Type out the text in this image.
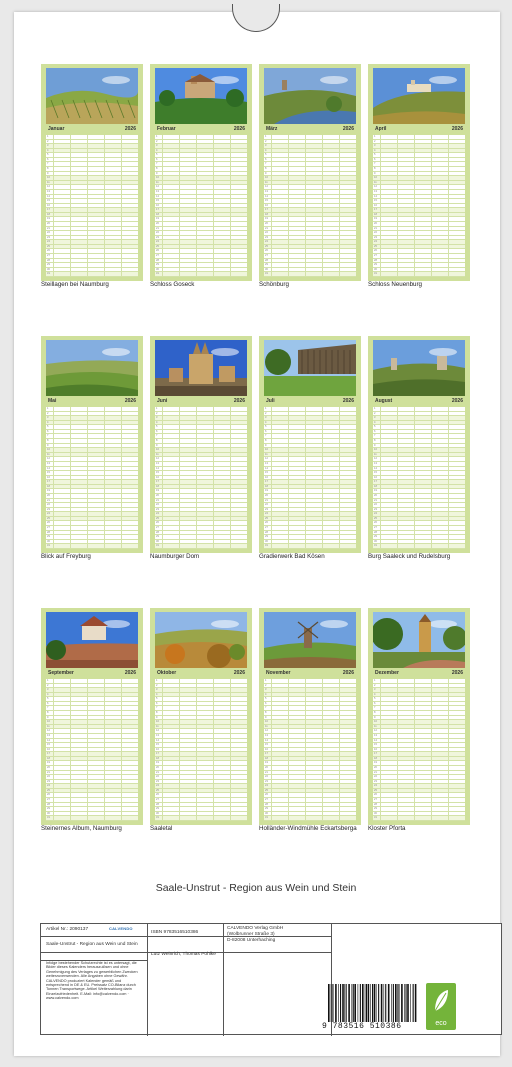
Januar	2026
1
2
3
4
5
6
7
8
9
10
11
12
13
14
15
16
17
18
19
20
21
22
23
24
25
26
27
28
29
30
31
Steillagen bei Naumburg
Februar	2026
1
2
3
4
5
6
7
8
9
10
11
12
13
14
15
16
17
18
19
20
21
22
23
24
25
26
27
28
29
30
31
Schloss Goseck
März	2026
1
2
3
4
5
6
7
8
9
10
11
12
13
14
15
16
17
18
19
20
21
22
23
24
25
26
27
28
29
30
31
Schönburg
April	2026
1
2
3
4
5
6
7
8
9
10
11
12
13
14
15
16
17
18
19
20
21
22
23
24
25
26
27
28
29
30
31
Schloss Neuenburg
Mai	2026
1
2
3
4
5
6
7
8
9
10
11
12
13
14
15
16
17
18
19
20
21
22
23
24
25
26
27
28
29
30
31
Blick auf Freyburg
Juni	2026
1
2
3
4
5
6
7
8
9
10
11
12
13
14
15
16
17
18
19
20
21
22
23
24
25
26
27
28
29
30
31
Naumburger Dom
Juli	2026
1
2
3
4
5
6
7
8
9
10
11
12
13
14
15
16
17
18
19
20
21
22
23
24
25
26
27
28
29
30
31
Gradierwerk Bad Kösen
August	2026
1
2
3
4
5
6
7
8
9
10
11
12
13
14
15
16
17
18
19
20
21
22
23
24
25
26
27
28
29
30
31
Burg Saaleck und Rudelsburg
September	2026
1
2
3
4
5
6
7
8
9
10
11
12
13
14
15
16
17
18
19
20
21
22
23
24
25
26
27
28
29
30
31
Steinernes Album, Naumburg
Oktober	2026
1
2
3
4
5
6
7
8
9
10
11
12
13
14
15
16
17
18
19
20
21
22
23
24
25
26
27
28
29
30
31
Saaletal
November	2026
1
2
3
4
5
6
7
8
9
10
11
12
13
14
15
16
17
18
19
20
21
22
23
24
25
26
27
28
29
30
31
Holländer-Windmühle Eckartsberga
Dezember	2026
1
2
3
4
5
6
7
8
9
10
11
12
13
14
15
16
17
18
19
20
21
22
23
24
25
26
27
28
29
30
31
Kloster Pforta
Saale-Unstrut - Region aus Wein und Stein
Artikel Nr.: 2090137
Saale-Unstrut - Region aus Wein und Stein
Infolge bestehender Schutzrechte ist es untersagt, die Bilder dieses Kalenders herauszulösen und ohne Genehmigung des Verlages zu gewerblichen Zwecken weiterzuverwenden. Alle Angaben ohne Gewähr. CALVENDO produziert Kalender gemäß und entsprechend in DE & EU. Preissatz CO-Bilanz durch Tonnen Transportwege. Artikel Weiterzahlung darin Einzelzufriedenheit. E-Mail: info@calvendo.com · www.calvendo.com
ISBN 9783516510386
Lutz Weinrich, Thomas Pohlke
CALVENDO Verlag GmbH
(Wolbrunner Straße 3)
D-82008 Unterhaching
CALVENDO
9 783516 510386	eco
